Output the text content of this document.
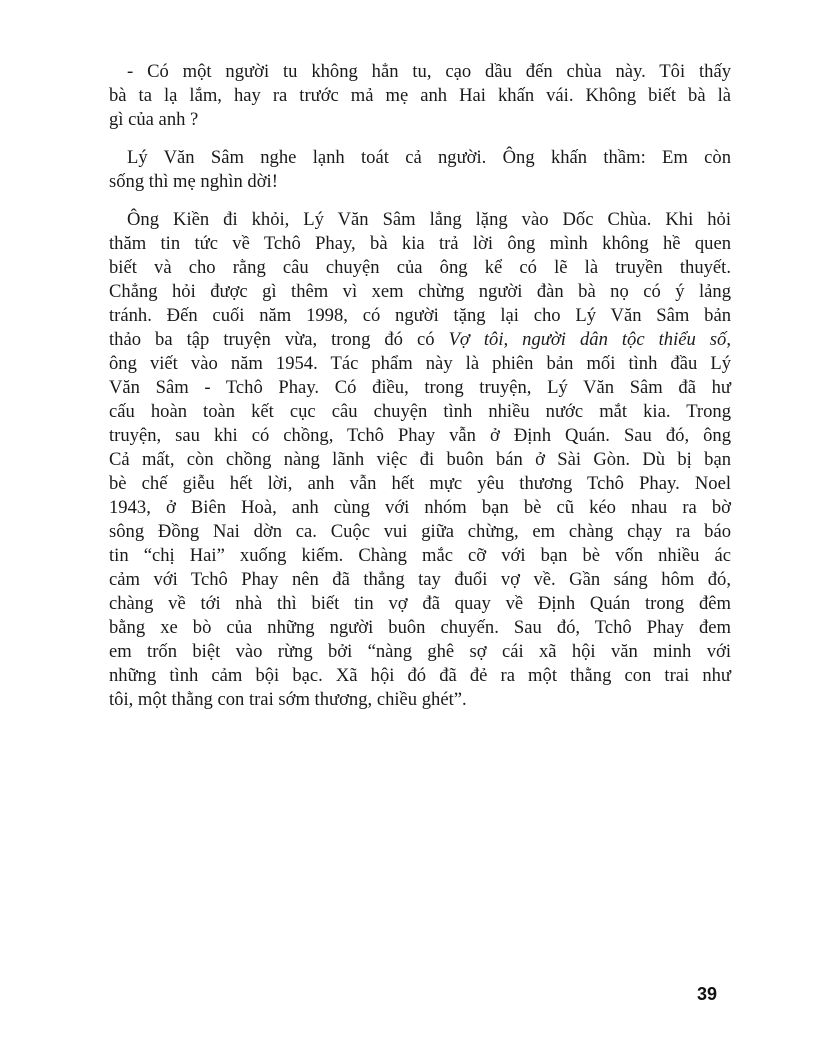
- Có một người tu không hẳn tu, cạo dầu đến chùa này. Tôi thấy
bà ta lạ lắm, hay ra trước mả mẹ anh Hai khấn vái. Không biết bà là
gì của anh ?
Lý Văn Sâm nghe lạnh toát cả người. Ông khấn thầm: Em còn
sống thì mẹ nghìn dời!
Ông Kiền đi khỏi, Lý Văn Sâm lẳng lặng vào Dốc Chùa. Khi hỏi
thăm tin tức về Tchô Phay, bà kia trả lời ông mình không hề quen
biết và cho rằng câu chuyện của ông kể có lẽ là truyền thuyết.
Chẳng hỏi được gì thêm vì xem chừng người đàn bà nọ có ý lảng
tránh. Đến cuối năm 1998, có người tặng lại cho Lý Văn Sâm bản
thảo ba tập truyện vừa, trong đó có Vợ tôi, người dân tộc thiểu số,
ông viết vào năm 1954. Tác phẩm này là phiên bản mối tình đầu Lý
Văn Sâm - Tchô Phay. Có điều, trong truyện, Lý Văn Sâm đã hư
cấu hoàn toàn kết cục câu chuyện tình nhiều nước mắt kia. Trong
truyện, sau khi có chồng, Tchô Phay vẫn ở Định Quán. Sau đó, ông
Cả mất, còn chồng nàng lãnh việc đi buôn bán ở Sài Gòn. Dù bị bạn
bè chế giễu hết lời, anh vẫn hết mực yêu thương Tchô Phay. Noel
1943, ở Biên Hoà, anh cùng với nhóm bạn bè cũ kéo nhau ra bờ
sông Đồng Nai dờn ca. Cuộc vui giữa chừng, em chàng chạy ra báo
tin “chị Hai” xuống kiếm. Chàng mắc cỡ với bạn bè vốn nhiều ác
cảm với Tchô Phay nên đã thẳng tay đuổi vợ về. Gần sáng hôm đó,
chàng về tới nhà thì biết tin vợ đã quay về Định Quán trong đêm
bằng xe bò của những người buôn chuyến. Sau đó, Tchô Phay đem
em trốn biệt vào rừng bởi “nàng ghê sợ cái xã hội văn minh với
những tình cảm bội bạc. Xã hội đó đã đẻ ra một thằng con trai như
tôi, một thằng con trai sớm thương, chiều ghét”.
39
